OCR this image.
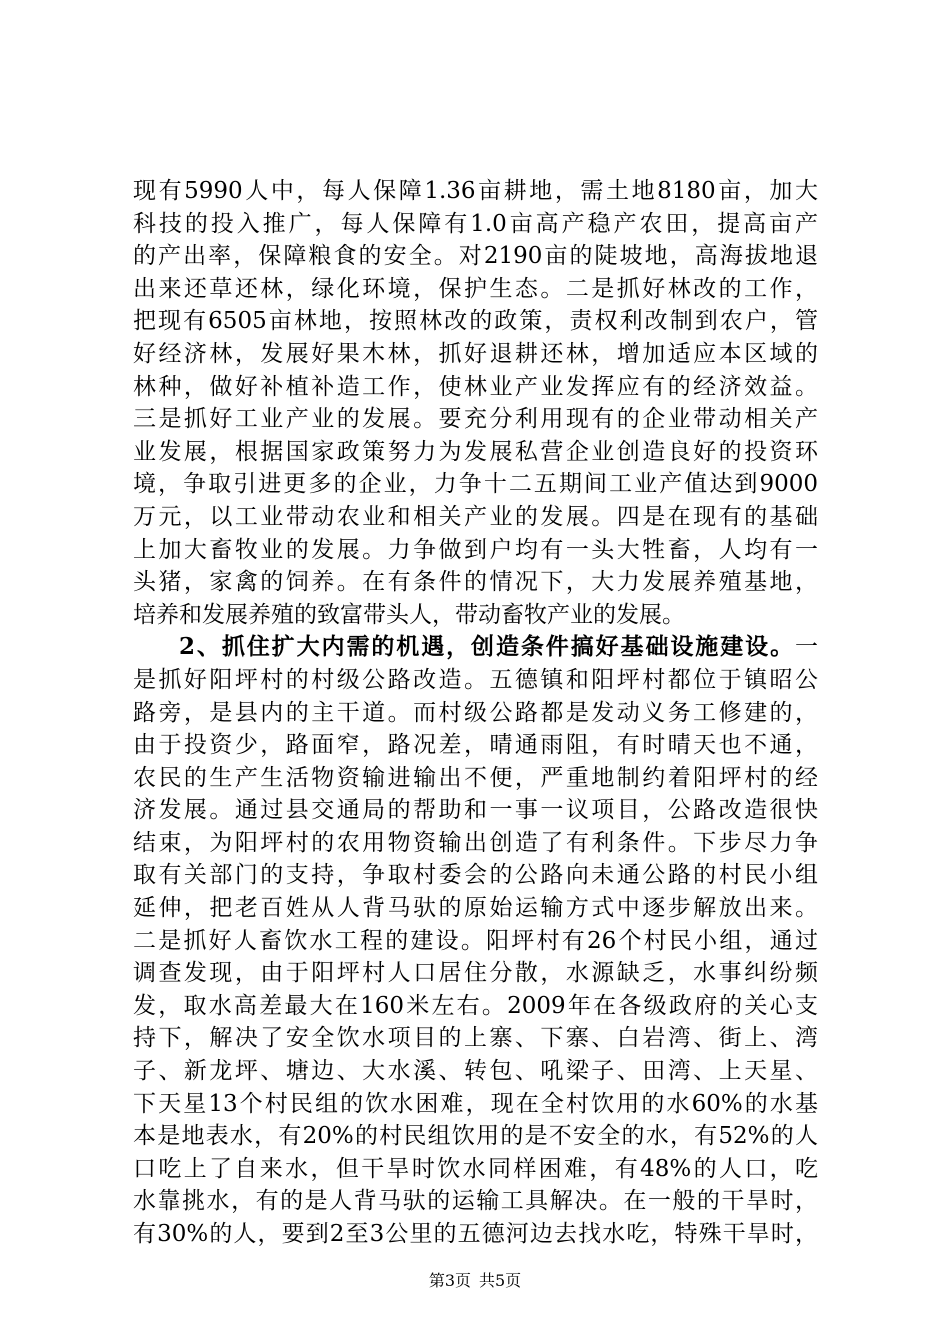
现有5990人中，每人保障1.36亩耕地，需土地8180亩，加大
科技的投入推广，每人保障有1.0亩高产稳产农田，提高亩产
的产出率，保障粮食的安全。对2190亩的陡坡地，高海拔地退
出来还草还林，绿化环境，保护生态。二是抓好林改的工作，
把现有6505亩林地，按照林改的政策，责权利改制到农户，管
好经济林，发展好果木林，抓好退耕还林，增加适应本区域的
林种，做好补植补造工作，使林业产业发挥应有的经济效益。
三是抓好工业产业的发展。要充分利用现有的企业带动相关产
业发展，根据国家政策努力为发展私营企业创造良好的投资环
境，争取引进更多的企业，力争十二五期间工业产值达到9000
万元，以工业带动农业和相关产业的发展。四是在现有的基础
上加大畜牧业的发展。力争做到户均有一头大牲畜，人均有一
头猪，家禽的饲养。在有条件的情况下，大力发展养殖基地，
培养和发展养殖的致富带头人，带动畜牧产业的发展。
2、抓住扩大内需的机遇，创造条件搞好基础设施建设。一
是抓好阳坪村的村级公路改造。五德镇和阳坪村都位于镇昭公
路旁，是县内的主干道。而村级公路都是发动义务工修建的，
由于投资少，路面窄，路况差，晴通雨阻，有时晴天也不通，
农民的生产生活物资输进输出不便，严重地制约着阳坪村的经
济发展。通过县交通局的帮助和一事一议项目，公路改造很快
结束，为阳坪村的农用物资输出创造了有利条件。下步尽力争
取有关部门的支持，争取村委会的公路向未通公路的村民小组
延伸，把老百姓从人背马驮的原始运输方式中逐步解放出来。
二是抓好人畜饮水工程的建设。阳坪村有26个村民小组，通过
调查发现，由于阳坪村人口居住分散，水源缺乏，水事纠纷频
发，取水高差最大在160米左右。2009年在各级政府的关心支
持下，解决了安全饮水项目的上寨、下寨、白岩湾、街上、湾
子、新龙坪、塘边、大水溪、转包、吼梁子、田湾、上天星、
下天星13个村民组的饮水困难，现在全村饮用的水60%的水基
本是地表水，有20%的村民组饮用的是不安全的水，有52%的人
口吃上了自来水，但干旱时饮水同样困难，有48%的人口，吃
水靠挑水，有的是人背马驮的运输工具解决。在一般的干旱时，
有30%的人，要到2至3公里的五德河边去找水吃，特殊干旱时，
第3页 共5页
